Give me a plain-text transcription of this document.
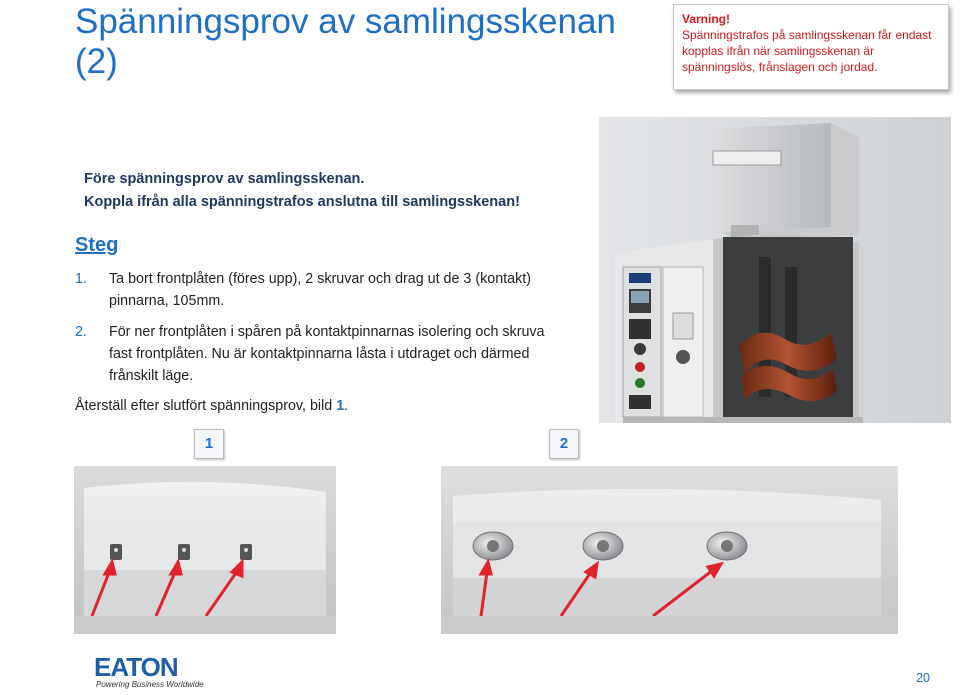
Spänningsprov av samlingsskenan (2)
Varning!
Spänningstrafos på samlingsskenan får endast kopplas ifrån när samlingsskenan är spänningslös, frånslagen och jordad.
Före spänningsprov av samlingsskenan.
Koppla ifrån alla spänningstrafos anslutna till samlingsskenan!
Steg
1. Ta bort frontplåten (föres upp), 2 skruvar och drag ut de 3 (kontakt) pinnarna, 105mm.
2. För ner frontplåten i spåren på kontaktpinnarnas isolering och skruva fast frontplåten. Nu är kontaktpinnarna låsta i utdraget och därmed frånskilt läge.
Återställ efter slutfört spänningsprov, bild 1.
1	2
EATON
Powering Business Worldwide	20
